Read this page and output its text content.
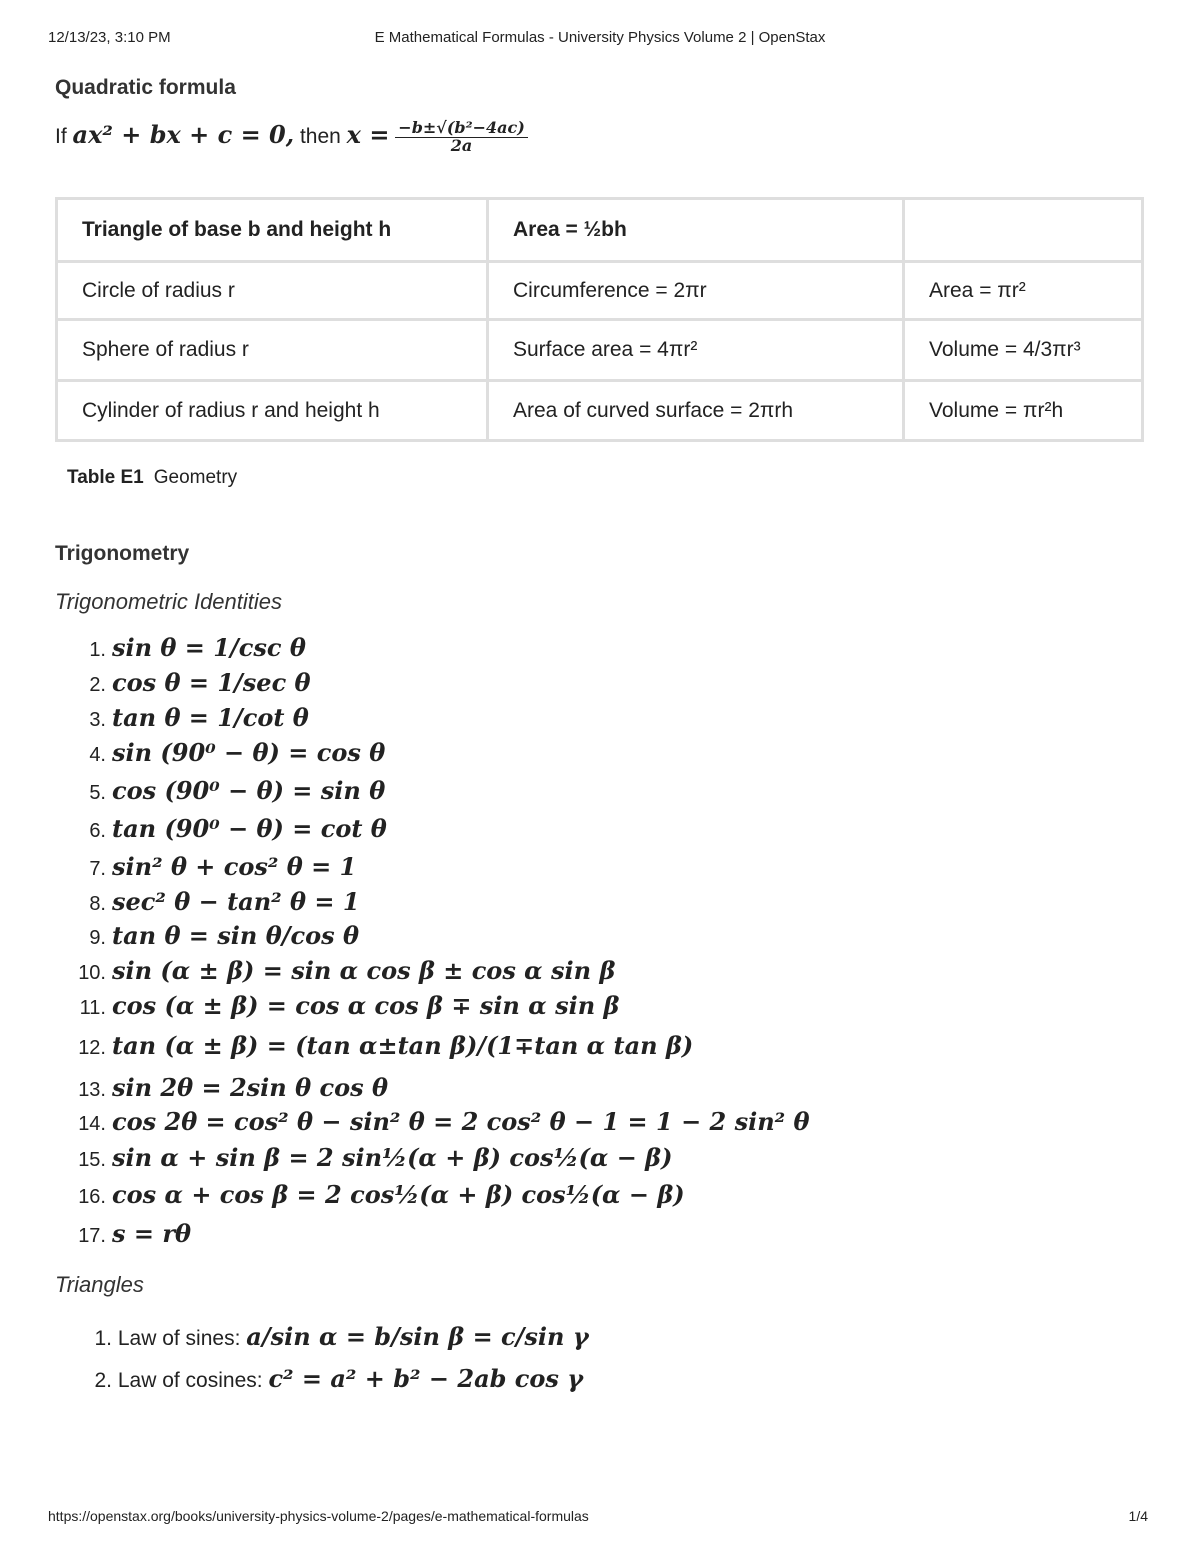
12/13/23, 3:10 PM	E Mathematical Formulas - University Physics Volume 2 | OpenStax
Quadratic formula
If ax² + bx + c = 0, then $x = \frac{\text{−b±√(b²−4ac)}}{2a}$
Triangle of base b and height h	Area = ½bh	
Circle of radius r	Circumference = 2πr	Area = πr²
Sphere of radius r	Surface area = 4πr²	Volume = 4/3πr³
Cylinder of radius r and height h	Area of curved surface = 2πrh	Volume = πr²h
Table E1 Geometry
Trigonometry
Trigonometric Identities
1. sin θ = 1/csc θ
2. cos θ = 1/sec θ
3. tan θ = 1/cot θ
4. sin (90⁰ − θ) = cos θ
5. cos (90⁰ − θ) = sin θ
6. tan (90⁰ − θ) = cot θ
7. sin² θ + cos² θ = 1
8. sec² θ − tan² θ = 1
9. tan θ = sin θ/cos θ
10. sin (α ± β) = sin α cos β ± cos α sin β
11. cos (α ± β) = cos α cos β ∓ sin α sin β
12. tan (α ± β) = (tan α±tan β)/(1∓tan α tan β)
13. sin 2θ = 2sin θ cos θ
14. cos 2θ = cos² θ − sin² θ = 2 cos² θ − 1 = 1 − 2 sin² θ
15. sin α + sin β = 2 sin½(α + β) cos½(α − β)
16. cos α + cos β = 2 cos½(α + β) cos½(α − β)
17. s = rθ
Triangles
1. Law of sines: a/sin α = b/sin β = c/sin γ
2. Law of cosines: c² = a² + b² − 2ab cos γ
https://openstax.org/books/university-physics-volume-2/pages/e-mathematical-formulas	1/4
